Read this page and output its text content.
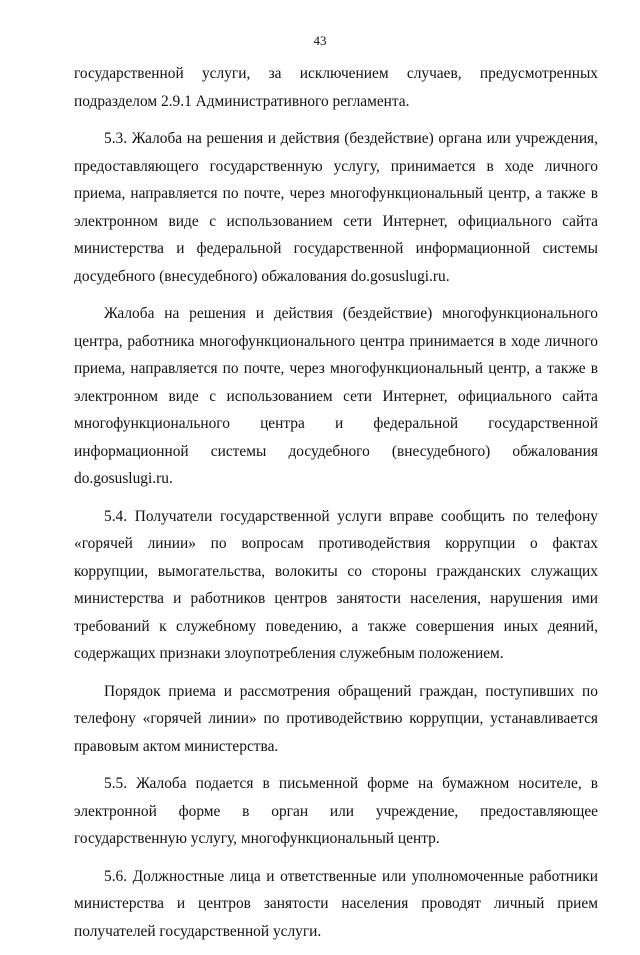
43

государственной услуги, за исключением случаев, предусмотренных подразделом 2.9.1 Административного регламента.

5.3. Жалоба на решения и действия (бездействие) органа или учреждения, предоставляющего государственную услугу, принимается в ходе личного приема, направляется по почте, через многофункциональный центр, а также в электронном виде с использованием сети Интернет, официального сайта министерства и федеральной государственной информационной системы досудебного (внесудебного) обжалования do.gosuslugi.ru.

Жалоба на решения и действия (бездействие) многофункционального центра, работника многофункционального центра принимается в ходе личного приема, направляется по почте, через многофункциональный центр, а также в электронном виде с использованием сети Интернет, официального сайта многофункционального центра и федеральной государственной информационной системы досудебного (внесудебного) обжалования do.gosuslugi.ru.

5.4. Получатели государственной услуги вправе сообщить по телефону «горячей линии» по вопросам противодействия коррупции о фактах коррупции, вымогательства, волокиты со стороны гражданских служащих министерства и работников центров занятости населения, нарушения ими требований к служебному поведению, а также совершения иных деяний, содержащих признаки злоупотребления служебным положением.

Порядок приема и рассмотрения обращений граждан, поступивших по телефону «горячей линии» по противодействию коррупции, устанавливается правовым актом министерства.

5.5. Жалоба подается в письменной форме на бумажном носителе, в электронной форме в орган или учреждение, предоставляющее государственную услугу, многофункциональный центр.

5.6. Должностные лица и ответственные или уполномоченные работники министерства и центров занятости населения проводят личный прием получателей государственной услуги.
